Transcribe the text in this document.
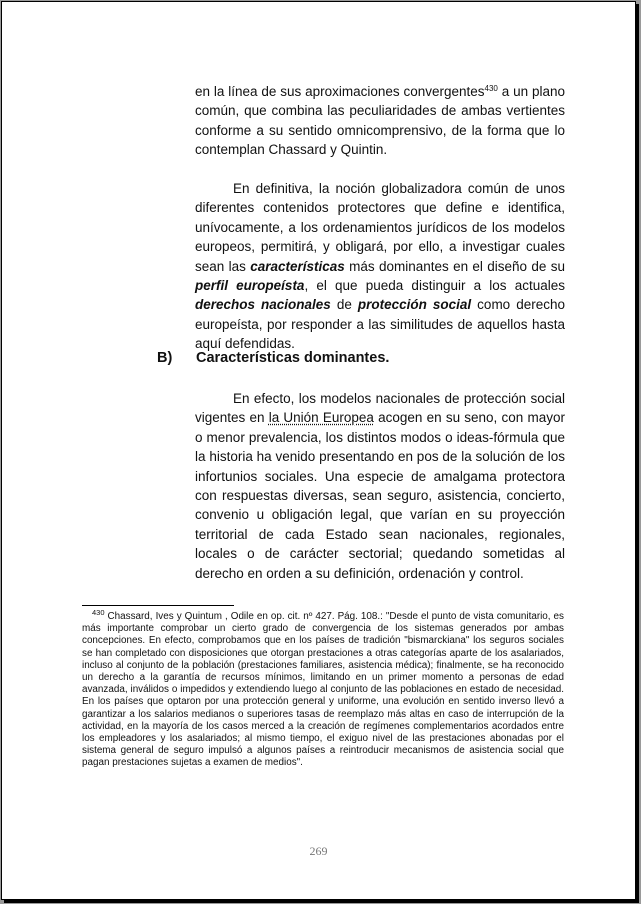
en la línea de sus aproximaciones convergentes$^{430}$ a un plano común, que combina las peculiaridades de ambas vertientes conforme a su sentido omnicomprensivo, de la forma que lo contemplan Chassard y Quintin.

En definitiva, la noción globalizadora común de unos diferentes contenidos protectores que define e identifica, unívocamente, a los ordenamientos jurídicos de los modelos europeos, permitirá, y obligará, por ello, a investigar cuales sean las características más dominantes en el diseño de su perfil europeísta, el que pueda distinguir a los actuales derechos nacionales de protección social como derecho europeísta, por responder a las similitudes de aquellos hasta aquí defendidas.

B) Características dominantes.

En efecto, los modelos nacionales de protección social vigentes en la Unión Europea acogen en su seno, con mayor o menor prevalencia, los distintos modos o ideas-fórmula que la historia ha venido presentando en pos de la solución de los infortunios sociales. Una especie de amalgama protectora con respuestas diversas, sean seguro, asistencia, concierto, convenio u obligación legal, que varían en su proyección territorial de cada Estado sean nacionales, regionales, locales o de carácter sectorial; quedando sometidas al derecho en orden a su definición, ordenación y control.

$^{430}$ Chassard, Ives y Quintum , Odile en op. cit. nº 427. Pág. 108.: "Desde el punto de vista comunitario, es más importante comprobar un cierto grado de convergencia de los sistemas generados por ambas concepciones. En efecto, comprobamos que en los países de tradición "bismarckiana" los seguros sociales se han completado con disposiciones que otorgan prestaciones a otras categorías aparte de los asalariados, incluso al conjunto de la población (prestaciones familiares, asistencia médica); finalmente, se ha reconocido un derecho a la garantía de recursos mínimos, limitando en un primer momento a personas de edad avanzada, inválidos o impedidos y extendiendo luego al conjunto de las poblaciones en estado de necesidad. En los países que optaron por una protección general y uniforme, una evolución en sentido inverso llevó a garantizar a los salarios medianos o superiores tasas de reemplazo más altas en caso de interrupción de la actividad, en la mayoría de los casos merced a la creación de regímenes complementarios acordados entre los empleadores y los asalariados; al mismo tiempo, el exiguo nivel de las prestaciones abonadas por el sistema general de seguro impulsó a algunos países a reintroducir mecanismos de asistencia social que pagan prestaciones sujetas a examen de medios".

269
